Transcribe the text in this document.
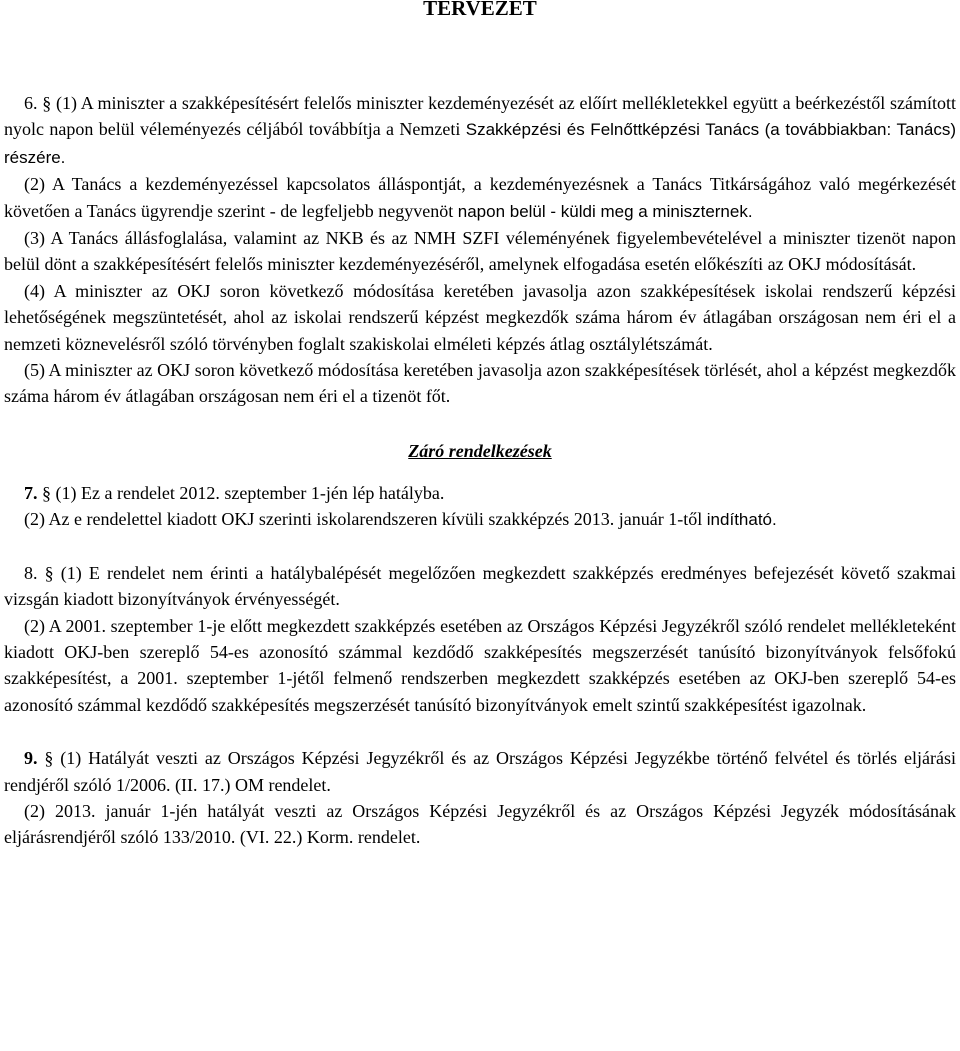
TERVEZET

6. § (1) A miniszter a szakképesítésért felelős miniszter kezdeményezését az előírt mellékletekkel együtt a beérkezéstől számított nyolc napon belül véleményezés céljából továbbítja a Nemzeti Szakképzési és Felnőttképzési Tanács (a továbbiakban: Tanács) részére.

(2) A Tanács a kezdeményezéssel kapcsolatos álláspontját, a kezdeményezésnek a Tanács Titkárságához való megérkezését követően a Tanács ügyrendje szerint - de legfeljebb negyvenöt napon belül - küldi meg a miniszternek.

(3) A Tanács állásfoglalása, valamint az NKB és az NMH SZFI véleményének figyelembevételével a miniszter tizenöt napon belül dönt a szakképesítésért felelős miniszter kezdeményezéséről, amelynek elfogadása esetén előkészíti az OKJ módosítását.

(4) A miniszter az OKJ soron következő módosítása keretében javasolja azon szakképesítések iskolai rendszerű képzési lehetőségének megszüntetését, ahol az iskolai rendszerű képzést megkezdők száma három év átlagában országosan nem éri el a nemzeti köznevelésről szóló törvényben foglalt szakiskolai elméleti képzés átlag osztálylétszámát.

(5) A miniszter az OKJ soron következő módosítása keretében javasolja azon szakképesítések törlését, ahol a képzést megkezdők száma három év átlagában országosan nem éri el a tizenöt főt.

Záró rendelkezések

7. § (1) Ez a rendelet 2012. szeptember 1-jén lép hatályba.

(2) Az e rendelettel kiadott OKJ szerinti iskolarendszeren kívüli szakképzés 2013. január 1-től indítható.

8. § (1) E rendelet nem érinti a hatálybalépését megelőzően megkezdett szakképzés eredményes befejezését követő szakmai vizsgán kiadott bizonyítványok érvényességét.

(2) A 2001. szeptember 1-je előtt megkezdett szakképzés esetében az Országos Képzési Jegyzékről szóló rendelet mellékleteként kiadott OKJ-ben szereplő 54-es azonosító számmal kezdődő szakképesítés megszerzését tanúsító bizonyítványok felsőfokú szakképesítést, a 2001. szeptember 1-jétől felmenő rendszerben megkezdett szakképzés esetében az OKJ-ben szereplő 54-es azonosító számmal kezdődő szakképesítés megszerzését tanúsító bizonyítványok emelt szintű szakképesítést igazolnak.

9. § (1) Hatályát veszti az Országos Képzési Jegyzékről és az Országos Képzési Jegyzékbe történő felvétel és törlés eljárási rendjéről szóló 1/2006. (II. 17.) OM rendelet.

(2) 2013. január 1-jén hatályát veszti az Országos Képzési Jegyzékről és az Országos Képzési Jegyzék módosításának eljárásrendjéről szóló 133/2010. (VI. 22.) Korm. rendelet.
